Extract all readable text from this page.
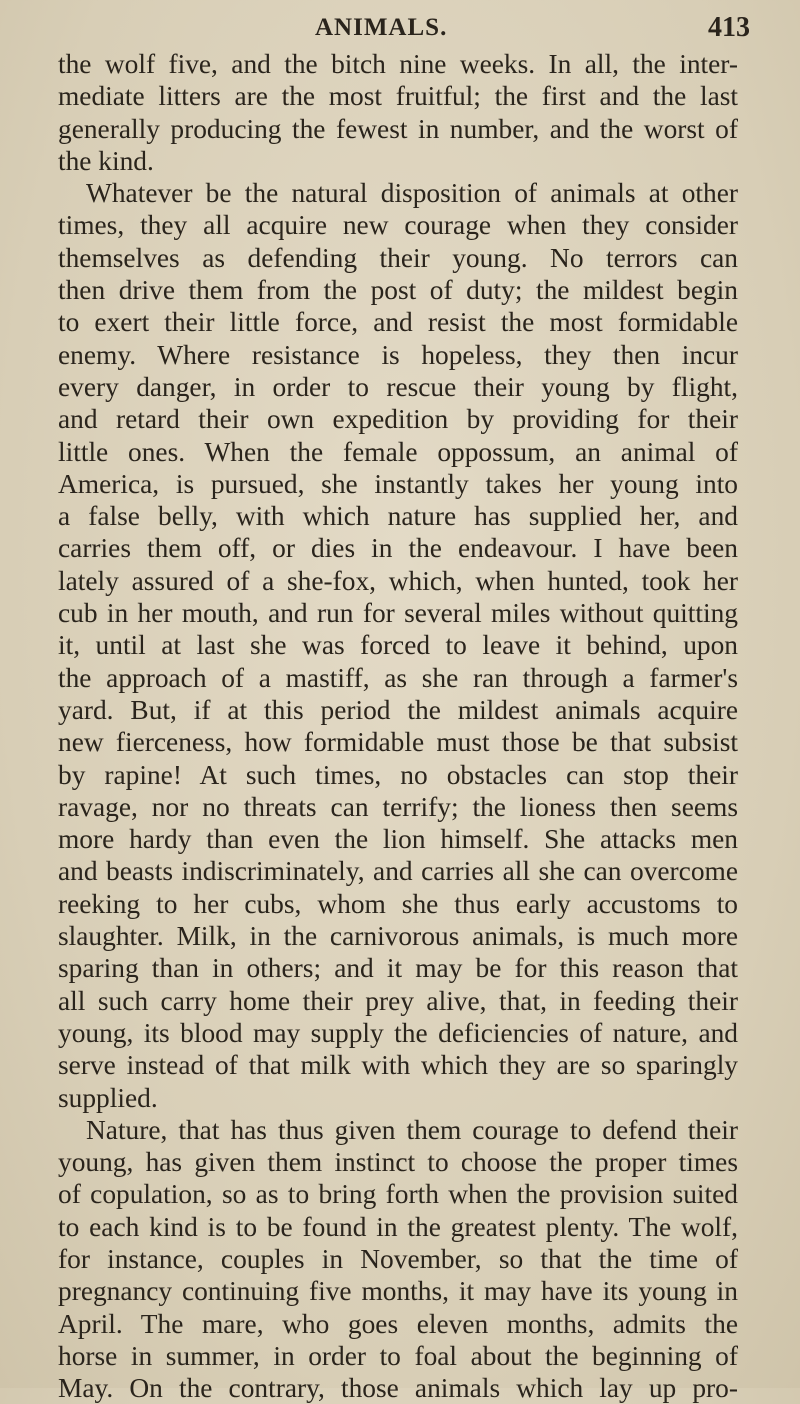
ANIMALS.	413
the wolf five, and the bitch nine weeks. In all, the inter-
mediate litters are the most fruitful; the first and the last
generally producing the fewest in number, and the worst of
the kind.
Whatever be the natural disposition of animals at other
times, they all acquire new courage when they consider
themselves as defending their young. No terrors can
then drive them from the post of duty; the mildest begin
to exert their little force, and resist the most formidable
enemy. Where resistance is hopeless, they then incur
every danger, in order to rescue their young by flight,
and retard their own expedition by providing for their
little ones. When the female oppossum, an animal of
America, is pursued, she instantly takes her young into
a false belly, with which nature has supplied her, and
carries them off, or dies in the endeavour. I have been
lately assured of a she-fox, which, when hunted, took her
cub in her mouth, and run for several miles without quitting
it, until at last she was forced to leave it behind, upon
the approach of a mastiff, as she ran through a farmer's
yard. But, if at this period the mildest animals acquire
new fierceness, how formidable must those be that subsist
by rapine! At such times, no obstacles can stop their
ravage, nor no threats can terrify; the lioness then seems
more hardy than even the lion himself. She attacks men
and beasts indiscriminately, and carries all she can overcome
reeking to her cubs, whom she thus early accustoms to
slaughter. Milk, in the carnivorous animals, is much more
sparing than in others; and it may be for this reason that
all such carry home their prey alive, that, in feeding their
young, its blood may supply the deficiencies of nature, and
serve instead of that milk with which they are so sparingly
supplied.
Nature, that has thus given them courage to defend their
young, has given them instinct to choose the proper times
of copulation, so as to bring forth when the provision suited
to each kind is to be found in the greatest plenty. The wolf,
for instance, couples in November, so that the time of
pregnancy continuing five months, it may have its young in
April. The mare, who goes eleven months, admits the
horse in summer, in order to foal about the beginning of
May. On the contrary, those animals which lay up pro-
